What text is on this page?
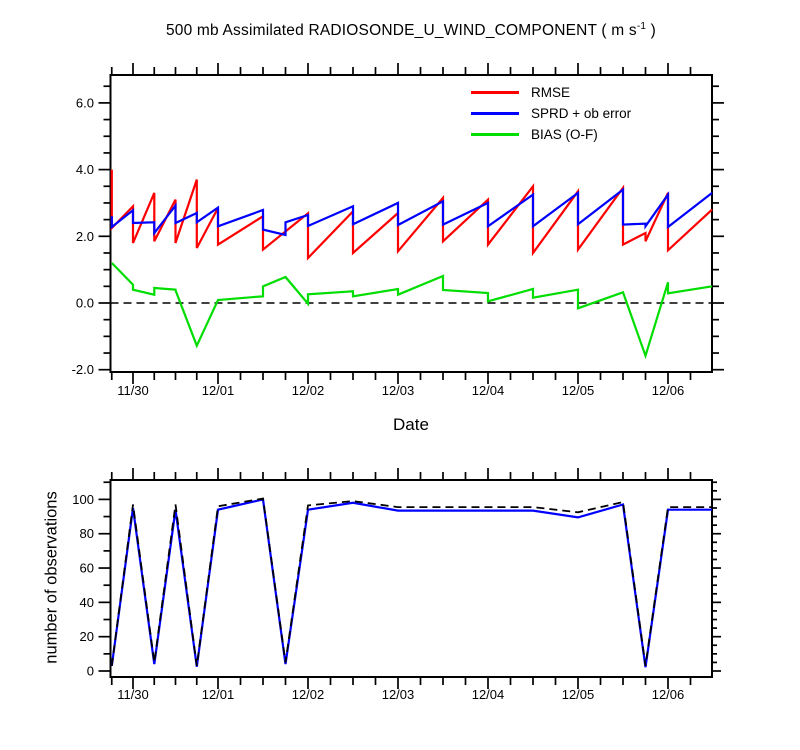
11/30	12/01	12/02	12/03	12/04	12/05	12/06
-2.0
0.0
2.0
4.0
6.0
11/30	12/01	12/02	12/03	12/04	12/05	12/06
0
20
40
60
80
100
500 mb Assimilated RADIOSONDE_U_WIND_COMPONENT ( m $s^{-1}$ )
RMSE
SPRD + ob error
BIAS (O-F)
Date
number of observations
